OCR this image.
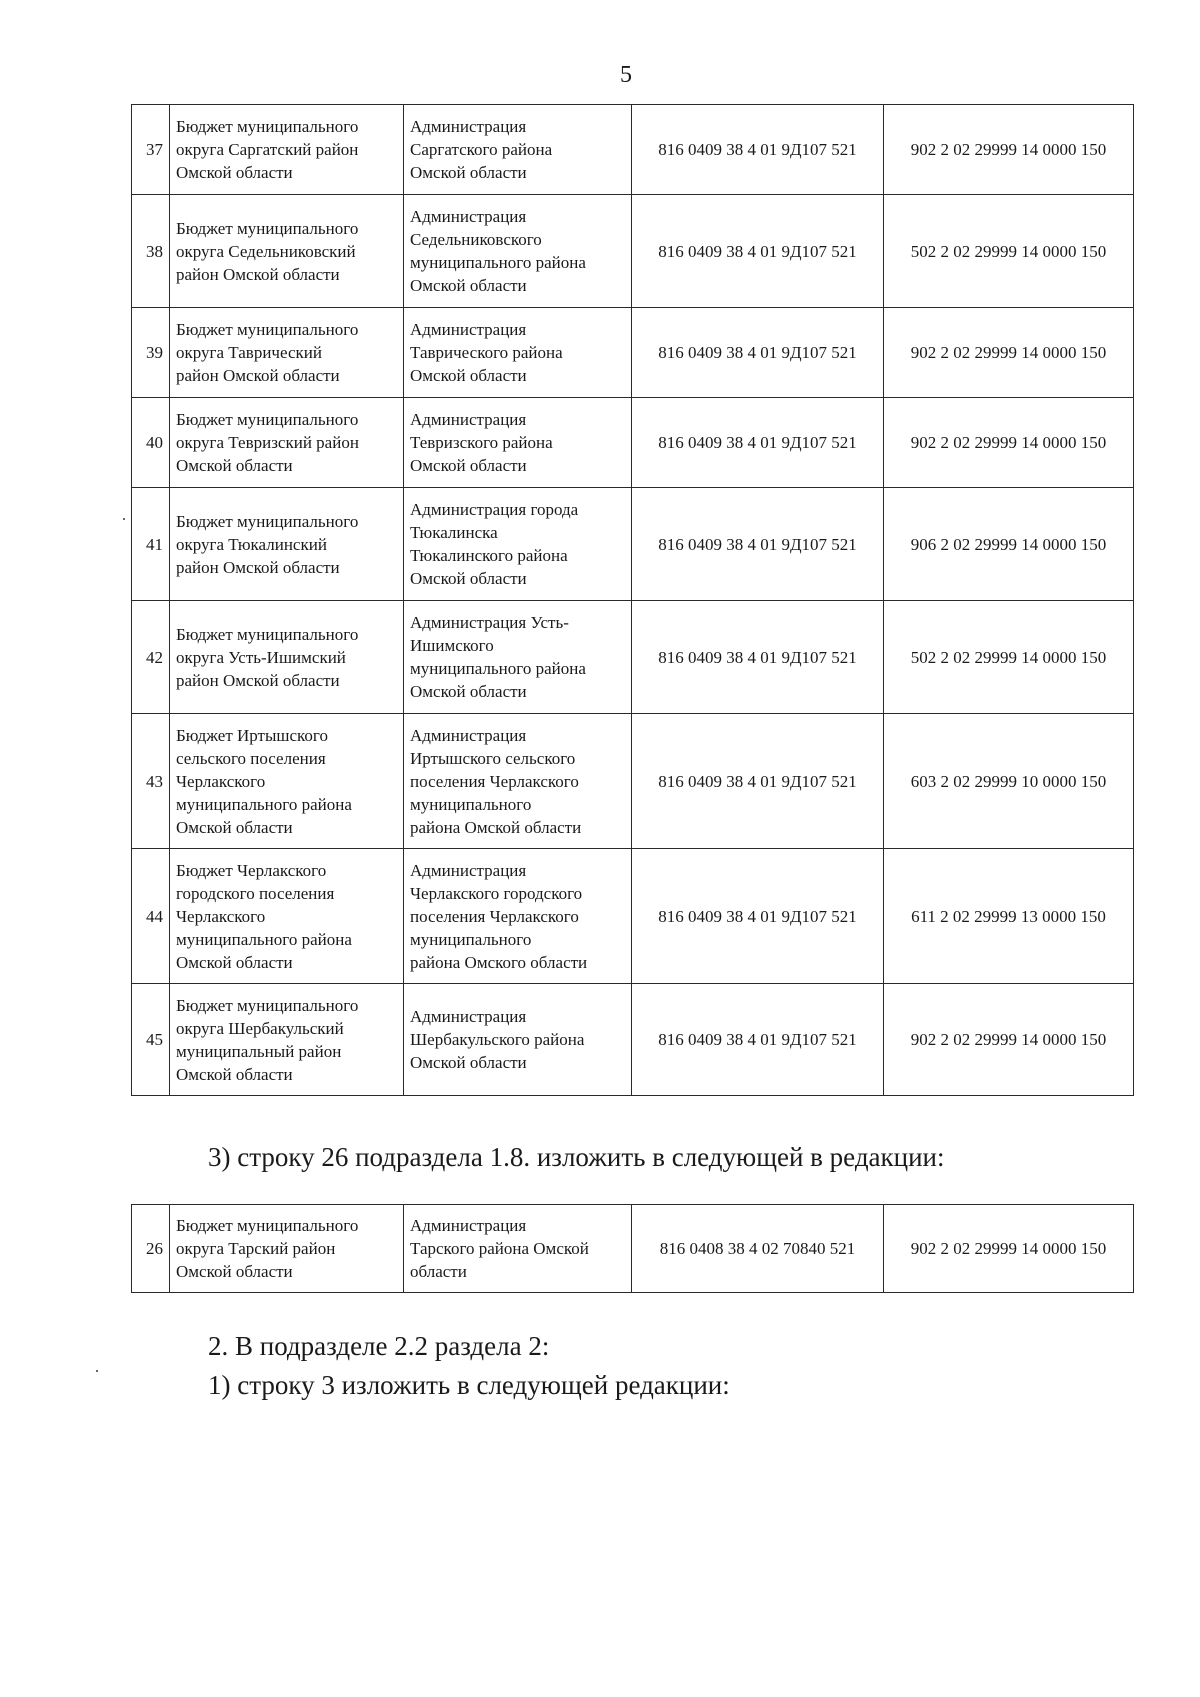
5
37	Бюджет муниципального
округа Саргатский район
Омской области	Администрация
Саргатского района
Омской области	816 0409 38 4 01 9Д107 521	902 2 02 29999 14 0000 150
38	Бюджет муниципального
округа Седельниковский
район Омской области	Администрация
Седельниковского
муниципального района
Омской области	816 0409 38 4 01 9Д107 521	502 2 02 29999 14 0000 150
39	Бюджет муниципального
округа Таврический
район Омской области	Администрация
Таврического района
Омской области	816 0409 38 4 01 9Д107 521	902 2 02 29999 14 0000 150
40	Бюджет муниципального
округа Тевризский район
Омской области	Администрация
Тевризского района
Омской области	816 0409 38 4 01 9Д107 521	902 2 02 29999 14 0000 150
41	Бюджет муниципального
округа Тюкалинский
район Омской области	Администрация города
Тюкалинска
Тюкалинского района
Омской области	816 0409 38 4 01 9Д107 521	906 2 02 29999 14 0000 150
42	Бюджет муниципального
округа Усть-Ишимский
район Омской области	Администрация Усть-
Ишимского
муниципального района
Омской области	816 0409 38 4 01 9Д107 521	502 2 02 29999 14 0000 150
43	Бюджет Иртышского
сельского поселения
Черлакского
муниципального района
Омской области	Администрация
Иртышского сельского
поселения Черлакского
муниципального
района Омской области	816 0409 38 4 01 9Д107 521	603 2 02 29999 10 0000 150
44	Бюджет Черлакского
городского поселения
Черлакского
муниципального района
Омской области	Администрация
Черлакского городского
поселения Черлакского
муниципального
района Омского области	816 0409 38 4 01 9Д107 521	611 2 02 29999 13 0000 150
45	Бюджет муниципального
округа Шербакульский
муниципальный район
Омской области	Администрация
Шербакульского района
Омской области	816 0409 38 4 01 9Д107 521	902 2 02 29999 14 0000 150
3) строку 26 подраздела 1.8. изложить в следующей в редакции:
26	Бюджет муниципального
округа Тарский район
Омской области	Администрация
Тарского района Омской
области	816 0408 38 4 02 70840 521	902 2 02 29999 14 0000 150
2. В подразделе 2.2 раздела 2:
1) строку 3 изложить в следующей редакции:
